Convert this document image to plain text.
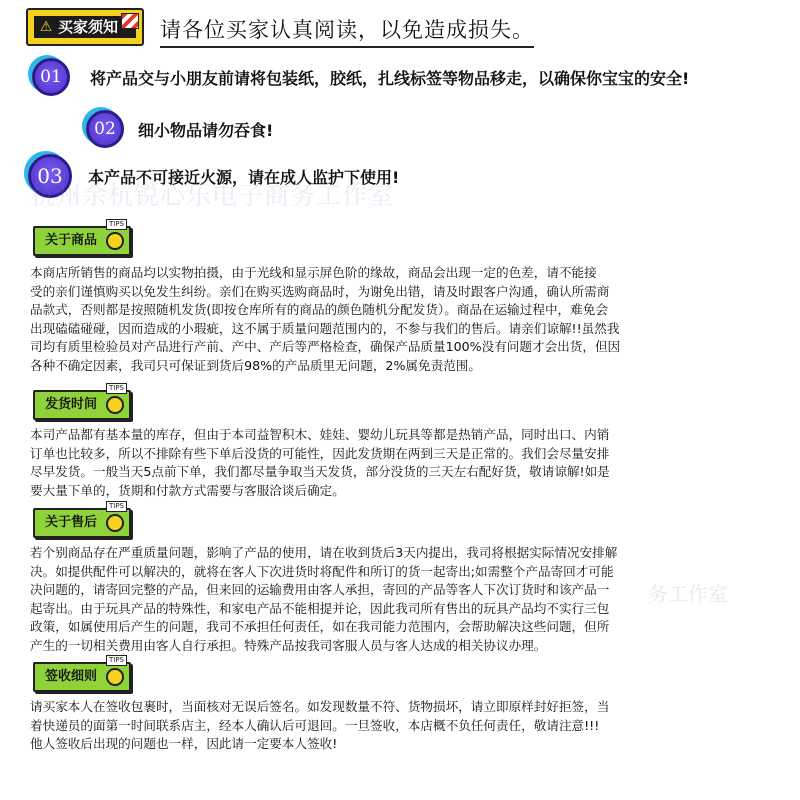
⚠ 买家须知	请各位买家认真阅读，以免造成损失。
01	将产品交与小朋友前请将包装纸，胶纸，扎线标签等物品移走，以确保你宝宝的安全!
02	细小物品请勿吞食!
03	本产品不可接近火源，请在成人监护下使用!
杭州余杭锐心乐电子商务工作室
关于商品
TIPS
本商店所销售的商品均以实物拍摄，由于光线和显示屏色阶的缘故，商品会出现一定的色差，请不能接
受的亲们谨慎购买以免发生纠纷。亲们在购买选购商品时，为谢免出错，请及时跟客户沟通，确认所需商
品款式，否则都是按照随机发货(即按仓库所有的商品的颜色随机分配发货）。商品在运输过程中，难免会
出现磕磕碰碰，因而造成的小瑕疵，这不属于质量问题范围内的，不参与我们的售后。请亲们谅解!!虽然我
司均有质里检验员对产品进行产前、产中、产后等严格检查，确保产品质量100%没有问题才会出货，但因
各种不确定因素，我司只可保证到货后98%的产品质里无问题，2%属免责范围。
发货时间
TIPS
本司产品都有基本量的库存，但由于本司益智积木、娃娃、婴幼儿玩具等都是热销产品，同时出口、内销
订单也比较多，所以不排除有些下单后没货的可能性，因此发货期在两到三天是正常的。我们会尽量安排
尽早发货。一般当天5点前下单，我们都尽量争取当天发货，部分没货的三天左右配好货，敬请谅解!如是
要大量下单的，货期和付款方式需要与客服洽谈后确定。
关于售后
TIPS
若个别商品存在严重质量问题，影响了产品的使用，请在收到货后3天内提出，我司将根据实际情况安排解
决。如提供配件可以解决的，就将在客人下次进货时将配件和所订的货一起寄出;如需整个产品寄回才可能
决问题的，请寄回完整的产品，但来回的运输费用由客人承担，寄回的产品等客人下次订货时和该产品一
起寄出。由于玩具产品的特殊性，和家电产品不能相提并论，因此我司所有售出的玩具产品均不实行三包
政策，如属使用后产生的问题，我司不承担任何责任，如在我司能力范围内，会帮助解决这些问题，但所
产生的一切相关费用由客人自行承担。特殊产品按我司客服人员与客人达成的相关协议办理。
务工作室
签收细则
TIPS
请买家本人在签收包裹时，当面核对无误后签名。如发现数量不符、货物损坏，请立即原样封好拒签，当
着快递员的面第一时间联系店主，经本人确认后可退回。一旦签收，本店概不负任何责任，敬请注意!!!
他人签收后出现的问题也一样，因此请一定要本人签收!
